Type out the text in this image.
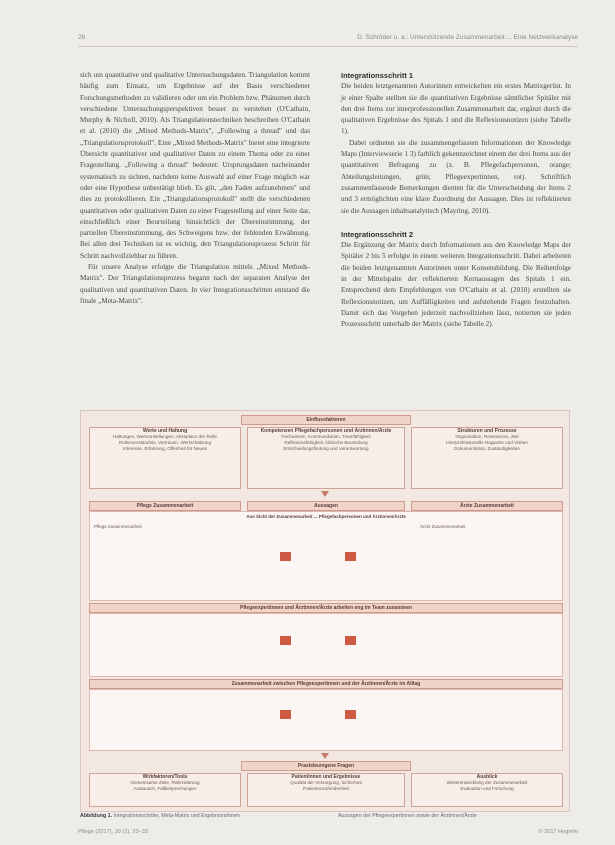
26	D. Schröder u. a.: Unterstützende Zusammenarbeit ... Eine Netzwerkanalyse

sich um quantitative und qualitative Untersuchungsdaten. Triangulation kommt häufig zum Einsatz, um Ergebnisse auf der Basis verschiedener Forschungsmethoden zu validieren oder um ein Problem bzw. Phänomen durch verschiedene Untersuchungsperspektiven besser zu verstehen (O'Cathain, Murphy & Nicholl, 2010). Als Triangulationstechniken beschreiben O'Cathain et al. (2010) die „Mixed Methods-Matrix", „Following a thread" und das „Triangulationsprotokoll". Eine „Mixed Methods-Matrix" bietet eine integrierte Übersicht quantitativer und qualitativer Daten zu einem Thema oder zu einer Fragestellung. „Following a thread" bedeutet: Ursprungsdaten nacheinander systematisch zu sichten, nachdem keine Auswahl auf einer Frage möglich war oder eine Hypothese unbestätigt blieb. Es gilt, „den Faden aufzunehmen" und dies zu protokollieren. Ein „Triangulationsprotokoll" stellt die verschiedenen quantitativen oder qualitativen Daten zu einer Fragestellung auf einer Seite dar, einschließlich einer Beurteilung hinsichtlich der Übereinstimmung, der partiellen Übereinstimmung, des Schweigens bzw. der fehlenden Erwähnung. Bei allen drei Techniken ist es wichtig, den Triangulationsprozess Schritt für Schritt nachvollziehbar zu führen.

Für unsere Analyse erfolgte die Triangulation mittels „Mixed Methods-Matrix". Der Triangulationsprozess begann nach der separaten Analyse der qualitativen und quantitativen Daten. In vier Integrationsschritten entstand die finale „Meta-Matrix".

Integrationsschritt 1

Die beiden letztgenannten Autorinnen entwickelten ein erstes Matrixgerüst. In je einer Spalte stellten sie die quantitativen Ergebnisse sämtlicher Spitäler mit den drei Items zur interprofessionellen Zusammenarbeit dar, ergänzt durch die qualitativen Ergebnisse des Spitals 1 und die Reflexionsnotizen (siehe Tabelle 1).

Dabei ordneten sie die zusammengefassten Informationen der Knowledge Maps (Interviewserie 1 3) farblich gekennzeichnet einem der drei Items aus der quantitativen Befragung zu (z. B. Pflegefachpersonen, orange; Abteilungsleitungen, grün; Pflegeexpertinnen, rot). Schriftlich zusammenfassende Bemerkungen dienten für die Unterscheidung der Items 2 und 3 ermöglichten eine klare Zuordnung der Aussagen. Dies ist reflektierten sie die Aussagen inhaltsanalytisch (Mayring, 2010).

Integrationsschritt 2

Die Ergänzung der Matrix durch Informationen aus den Knowledge Maps der Spitäler 2 bis 5 erfolgte in einem weiteren Integrationsschritt. Dabei arbeiteten die beiden letztgenannten Autorinnen unter Konsensbildung. Die Reihenfolge in der Mittelspalte der reflektierten Kernaussagen des Spitals 1 ein. Entsprechend dem Empfehlungen von O'Cathain et al. (2010) erstellten sie Reflexionsnotizen, um Auffälligkeiten und aufstehende Fragen festzuhalten. Damit sich das Vorgehen jederzeit nachvollziehen lässt, notierten sie jeden Prozessschritt unterhalb der Matrix (siehe Tabelle 2).

Einflussfaktoren
Werte und Haltung
Haltungen, Wertvorstellungen, Akzeptanz der Rolle
Rollenverständnis, Vertrauen, Wertschätzung
Interesse, Erfahrung, Offenheit für Neues
Kompetenzen Pflegefachpersonen und Ärztinnen/Ärzte
Fachwissen, Kommunikation, Teamfähigkeit
Reflexionsfähigkeit, klinische Beurteilung
Entscheidungsfindung und Verantwortung
Strukturen und Prozesse
Organisation, Ressourcen, Zeit
Interprofessionelle Rapporte und Visiten
Dokumentation, Zuständigkeiten
Pflege Zusammenarbeit	Aussagen	Ärzte Zusammenarbeit
Aus Sicht der Zusammenarbeit ... Pflegefachpersonen und Ärztinnen/Ärzte
Pflege Zusammenarbeit	Ärzte Zusammenarbeit
Pflegeexpertinnen und Ärztinnen/Ärzte arbeiten eng im Team zusammen
Zusammenarbeit zwischen Pflegeexpertinnen und der Ärztinnen/Ärzte im Alltag
Praxisbezogene Fragen
Wirkfaktoren/Tools
Gemeinsame Ziele, Rollenklärung
Austausch, Fallbesprechungen
Patientinnen und Ergebnisse
Qualität der Versorgung, Sicherheit
Patientenzufriedenheit
Ausblick
Weiterentwicklung der Zusammenarbeit
Evaluation und Forschung
Abbildung 1. Integrationsschritte, Meta-Matrix und Ergebnisrahmen	Aussagen der Pflegeexpertinnen sowie der Ärztinnen/Ärzte
Pflege (2017), 30 (1), 23–33	© 2017 Hogrefe
